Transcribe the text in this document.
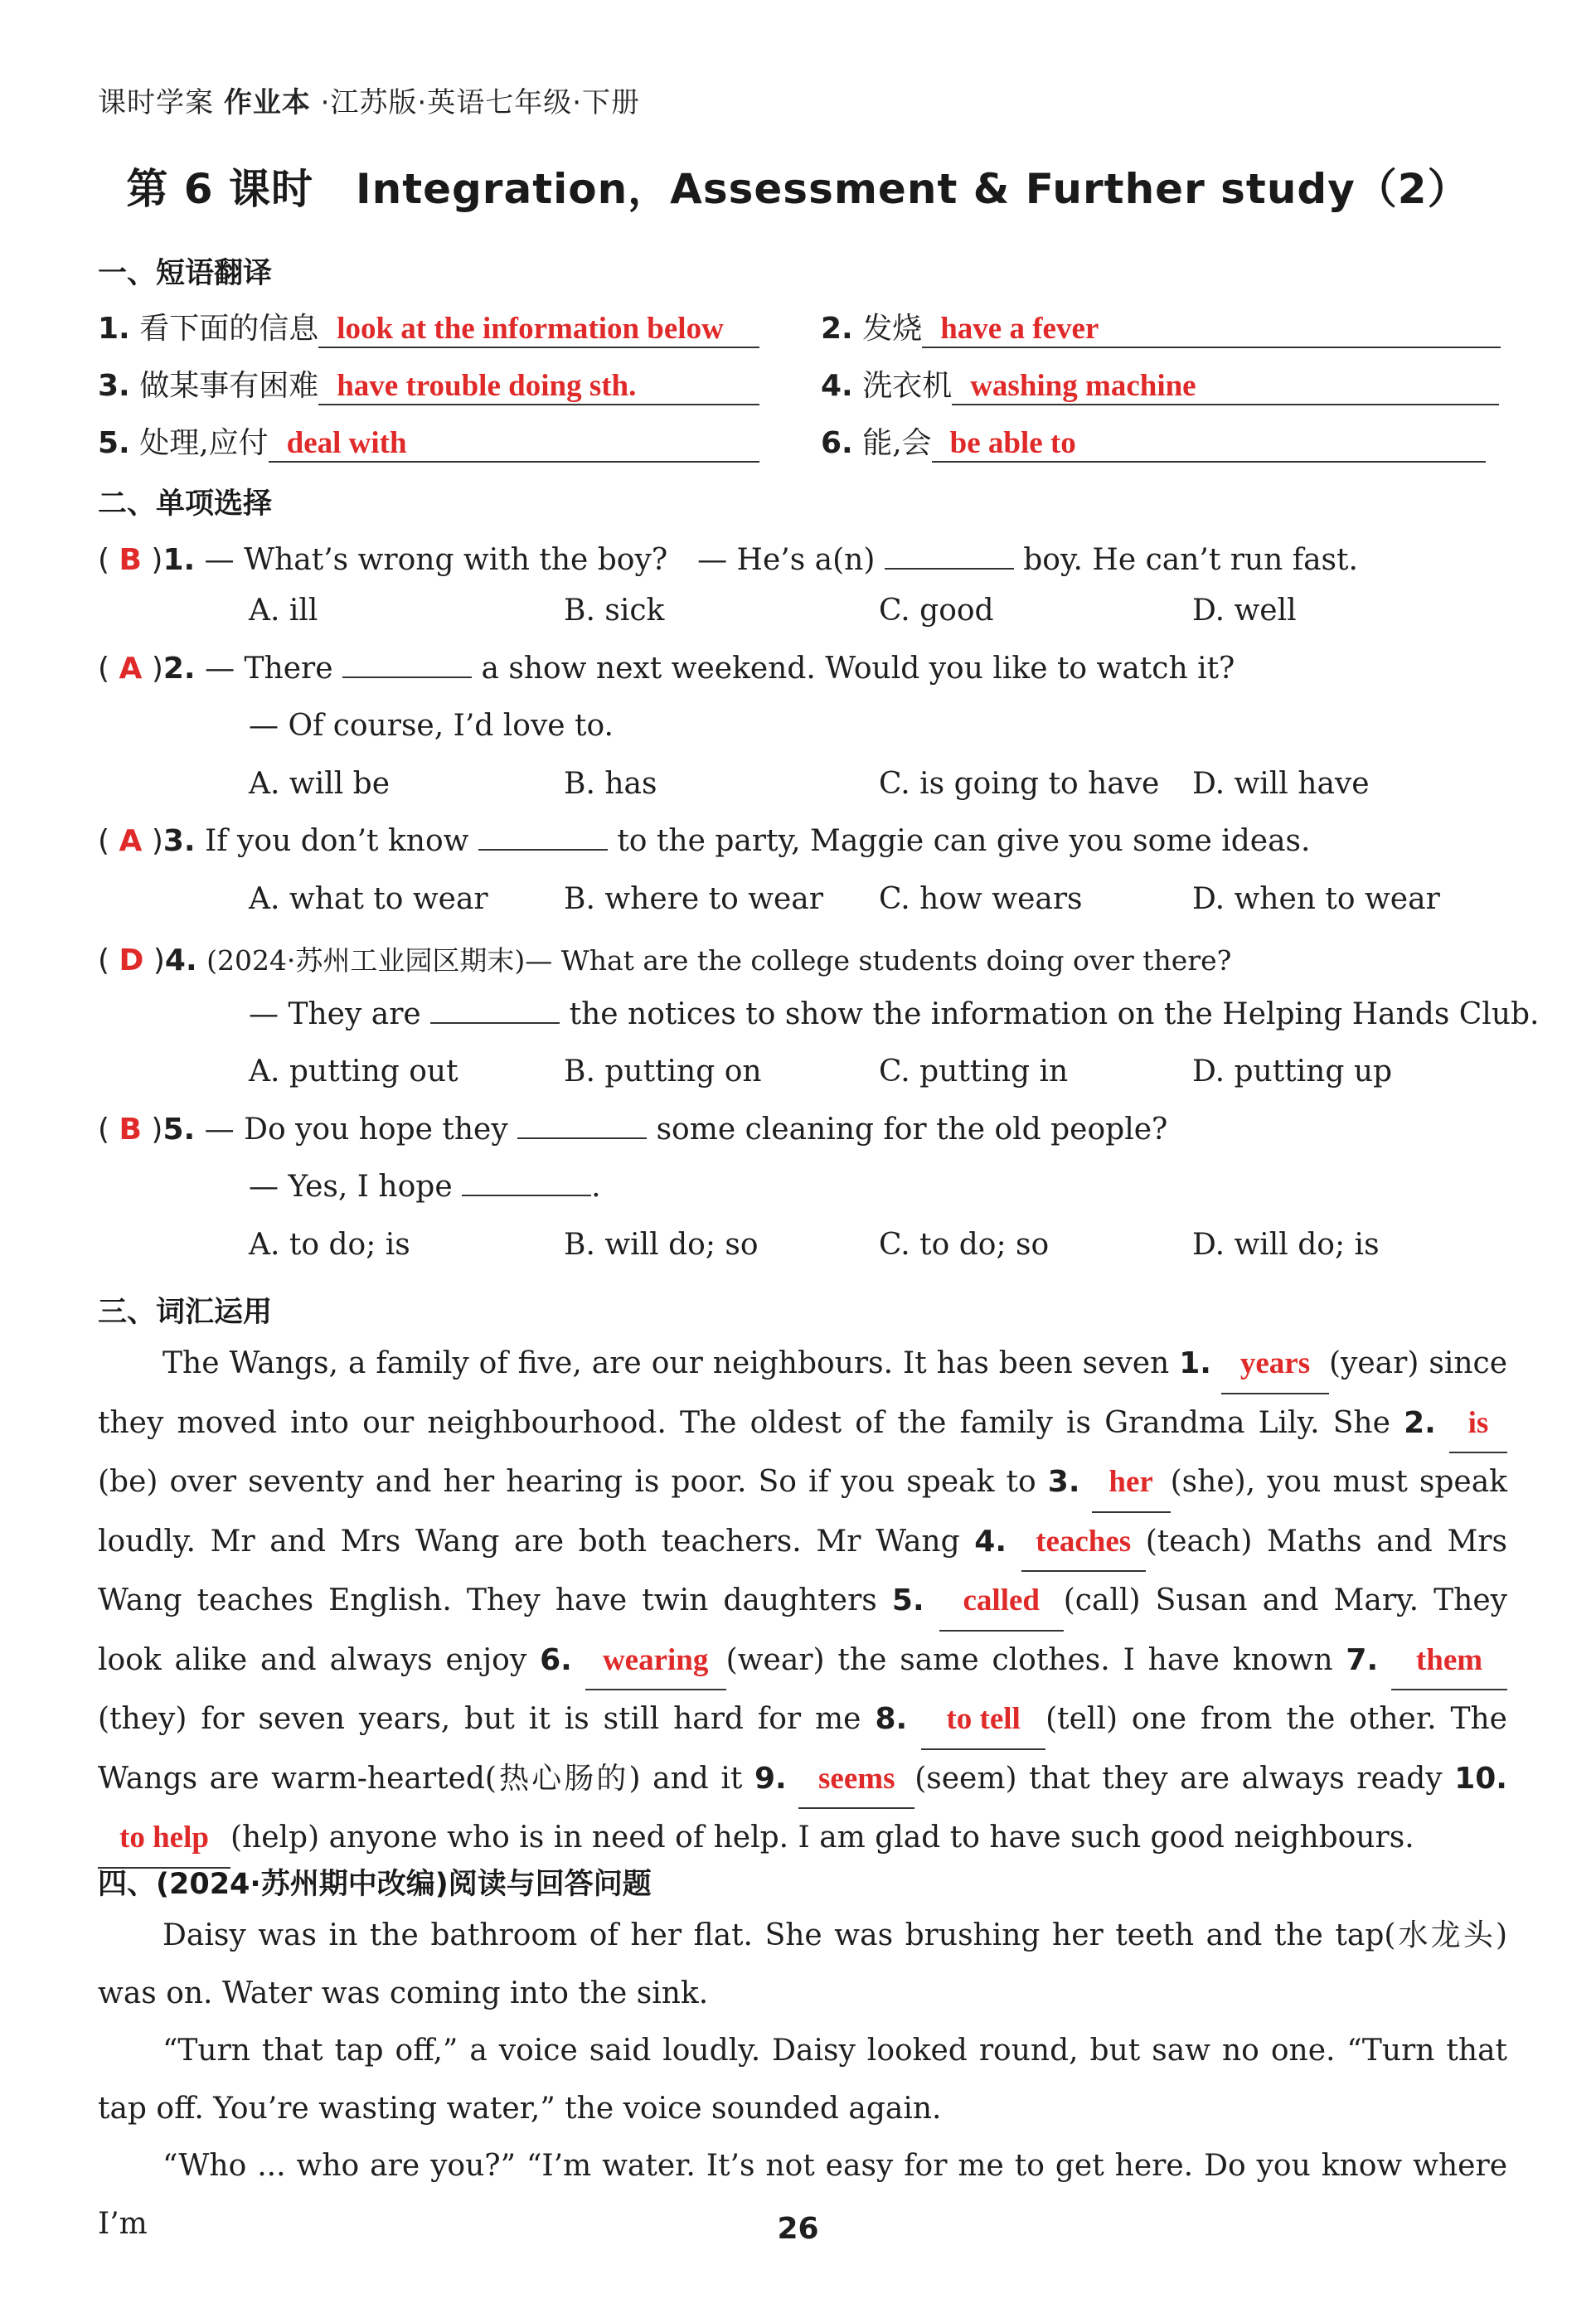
课时学案 作业本 ·江苏版·英语七年级·下册
第 6 课时　Integration，Assessment & Further study（2）
一、短语翻译
1. 看下面的信息 look at the information below	2. 发烧 have a fever
3. 做某事有困难 have trouble doing sth.	4. 洗衣机 washing machine
5. 处理,应付 deal with	6. 能,会 be able to
二、单项选择
( B )1. — What’s wrong with the boy?　— He’s a(n)	boy. He can’t run fast.
A. ill	B. sick	C. good	D. well
( A )2. — There	a show next weekend. Would you like to watch it?
— Of course, I’d love to.
A. will be	B. has	C. is going to have D. will have
( A )3. If you don’t know	to the party, Maggie can give you some ideas.
A. what to wear	B. where to wear C. how wears	D. when to wear
( D )4. (2024·苏州工业园区期末)— What are the college students doing over there?
— They are	the notices to show the information on the Helping Hands Club.
A. putting out	B. putting on	C. putting in	D. putting up
( B )5. — Do you hope they	some cleaning for the old people?
— Yes, I hope	.
A. to do; is	B. will do; so	C. to do; so	D. will do; is
三、词汇运用
The Wangs, a family of five, are our neighbours. It has been seven 1. years (year) since they moved into our neighbourhood. The oldest of the family is Grandma Lily. She 2. is(be) over seventy and her hearing is poor. So if you speak to 3. her (she), you must speak loudly. Mr and Mrs Wang are both teachers. Mr Wang 4. teaches (teach) Maths and Mrs Wang teaches English. They have twin daughters 5. called (call) Susan and Mary. They look alike and always enjoy 6. wearing (wear) the same clothes. I have known 7. them(they) for seven years, but it is still hard for me 8. to tell (tell) one from the other. The Wangs are warm-hearted(热心肠的) and it 9. seems (seem) that they are always ready 10. to help (help) anyone who is in need of help. I am glad to have such good neighbours.
四、(2024·苏州期中改编)阅读与回答问题
Daisy was in the bathroom of her flat. She was brushing her teeth and the tap(水龙头) was on. Water was coming into the sink.
“Turn that tap off,” a voice said loudly. Daisy looked round, but saw no one. “Turn that tap off. You’re wasting water,” the voice sounded again.
“Who ... who are you?” “I’m water. It’s not easy for me to get here. Do you know where I’m	26
